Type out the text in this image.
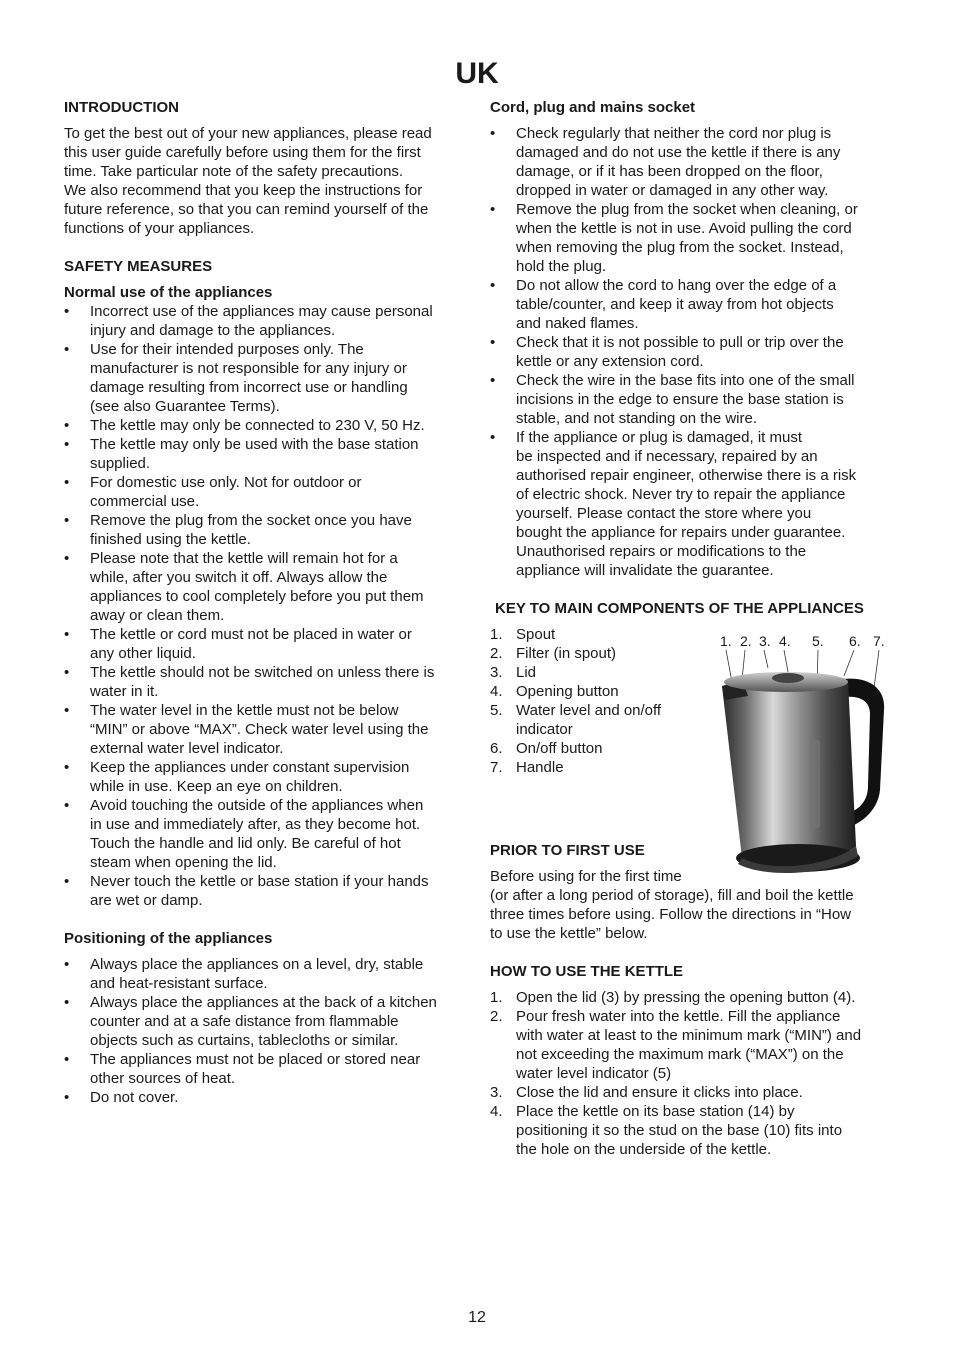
UK
INTRODUCTION

To get the best out of your new appliances, please read
this user guide carefully before using them for the first
time. Take particular note of the safety precautions.
We also recommend that you keep the instructions for
future reference, so that you can remind yourself of the
functions of your appliances.

SAFETY MEASURES
Normal use of the appliances
• Incorrect use of the appliances may cause personal
injury and damage to the appliances.
• Use for their intended purposes only. The
manufacturer is not responsible for any injury or
damage resulting from incorrect use or handling
(see also Guarantee Terms).
• The kettle may only be connected to 230 V, 50 Hz.
• The kettle may only be used with the base station
supplied.
• For domestic use only. Not for outdoor or
commercial use.
• Remove the plug from the socket once you have
finished using the kettle.
• Please note that the kettle will remain hot for a
while, after you switch it off. Always allow the
appliances to cool completely before you put them
away or clean them.
• The kettle or cord must not be placed in water or
any other liquid.
• The kettle should not be switched on unless there is
water in it.
• The water level in the kettle must not be below
“MIN” or above “MAX”. Check water level using the
external water level indicator.
• Keep the appliances under constant supervision
while in use. Keep an eye on children.
• Avoid touching the outside of the appliances when
in use and immediately after, as they become hot.
Touch the handle and lid only. Be careful of hot
steam when opening the lid.
• Never touch the kettle or base station if your hands
are wet or damp.
Positioning of the appliances
• Always place the appliances on a level, dry, stable
and heat-resistant surface.
• Always place the appliances at the back of a kitchen
counter and at a safe distance from flammable
objects such as curtains, tablecloths or similar.
• The appliances must not be placed or stored near
other sources of heat.
• Do not cover.
Cord, plug and mains socket
• Check regularly that neither the cord nor plug is
damaged and do not use the kettle if there is any
damage, or if it has been dropped on the floor,
dropped in water or damaged in any other way.
• Remove the plug from the socket when cleaning, or
when the kettle is not in use. Avoid pulling the cord
when removing the plug from the socket. Instead,
hold the plug.
• Do not allow the cord to hang over the edge of a
table/counter, and keep it away from hot objects
and naked flames.
• Check that it is not possible to pull or trip over the
kettle or any extension cord.
• Check the wire in the base fits into one of the small
incisions in the edge to ensure the base station is
stable, and not standing on the wire.
• If the appliance or plug is damaged, it must
be inspected and if necessary, repaired by an
authorised repair engineer, otherwise there is a risk
of electric shock. Never try to repair the appliance
yourself. Please contact the store where you
bought the appliance for repairs under guarantee.
Unauthorised repairs or modifications to the
appliance will invalidate the guarantee.
KEY TO MAIN COMPONENTS OF THE APPLIANCES
1. Spout
2. Filter (in spout)
3. Lid
4. Opening button
5. Water level and on/off
indicator
6. On/off button
7. Handle
PRIOR TO FIRST USE

Before using for the first time
(or after a long period of storage), fill and boil the kettle
three times before using. Follow the directions in “How
to use the kettle” below.

HOW TO USE THE KETTLE
1. Open the lid (3) by pressing the opening button (4).
2. Pour fresh water into the kettle. Fill the appliance
with water at least to the minimum mark (“MIN”) and
not exceeding the maximum mark (“MAX”) on the
water level indicator (5)
3. Close the lid and ensure it clicks into place.
4. Place the kettle on its base station (14) by
positioning it so the stud on the base (10) fits into
the hole on the underside of the kettle.
1. 2. 3. 4. 5. 6. 7.
12
